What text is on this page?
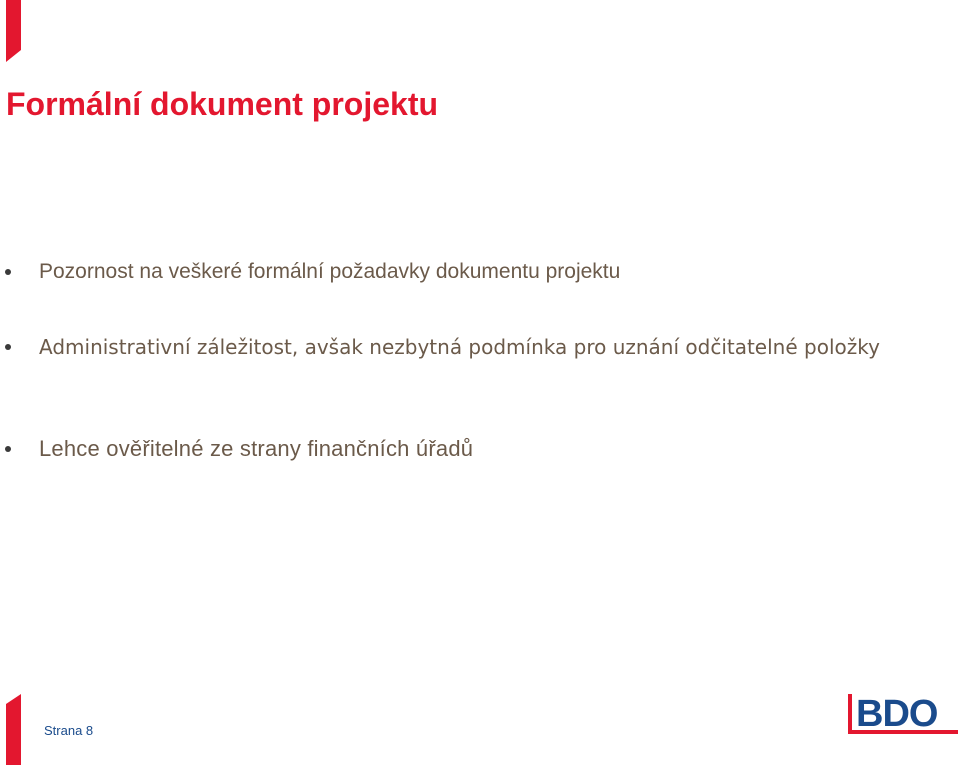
Formální dokument projektu
Pozornost na veškeré formální požadavky dokumentu projektu
Administrativní záležitost, avšak nezbytná podmínka pro uznání odčitatelné položky
Lehce ověřitelné ze strany finančních úřadů
Strana 8	BDO
